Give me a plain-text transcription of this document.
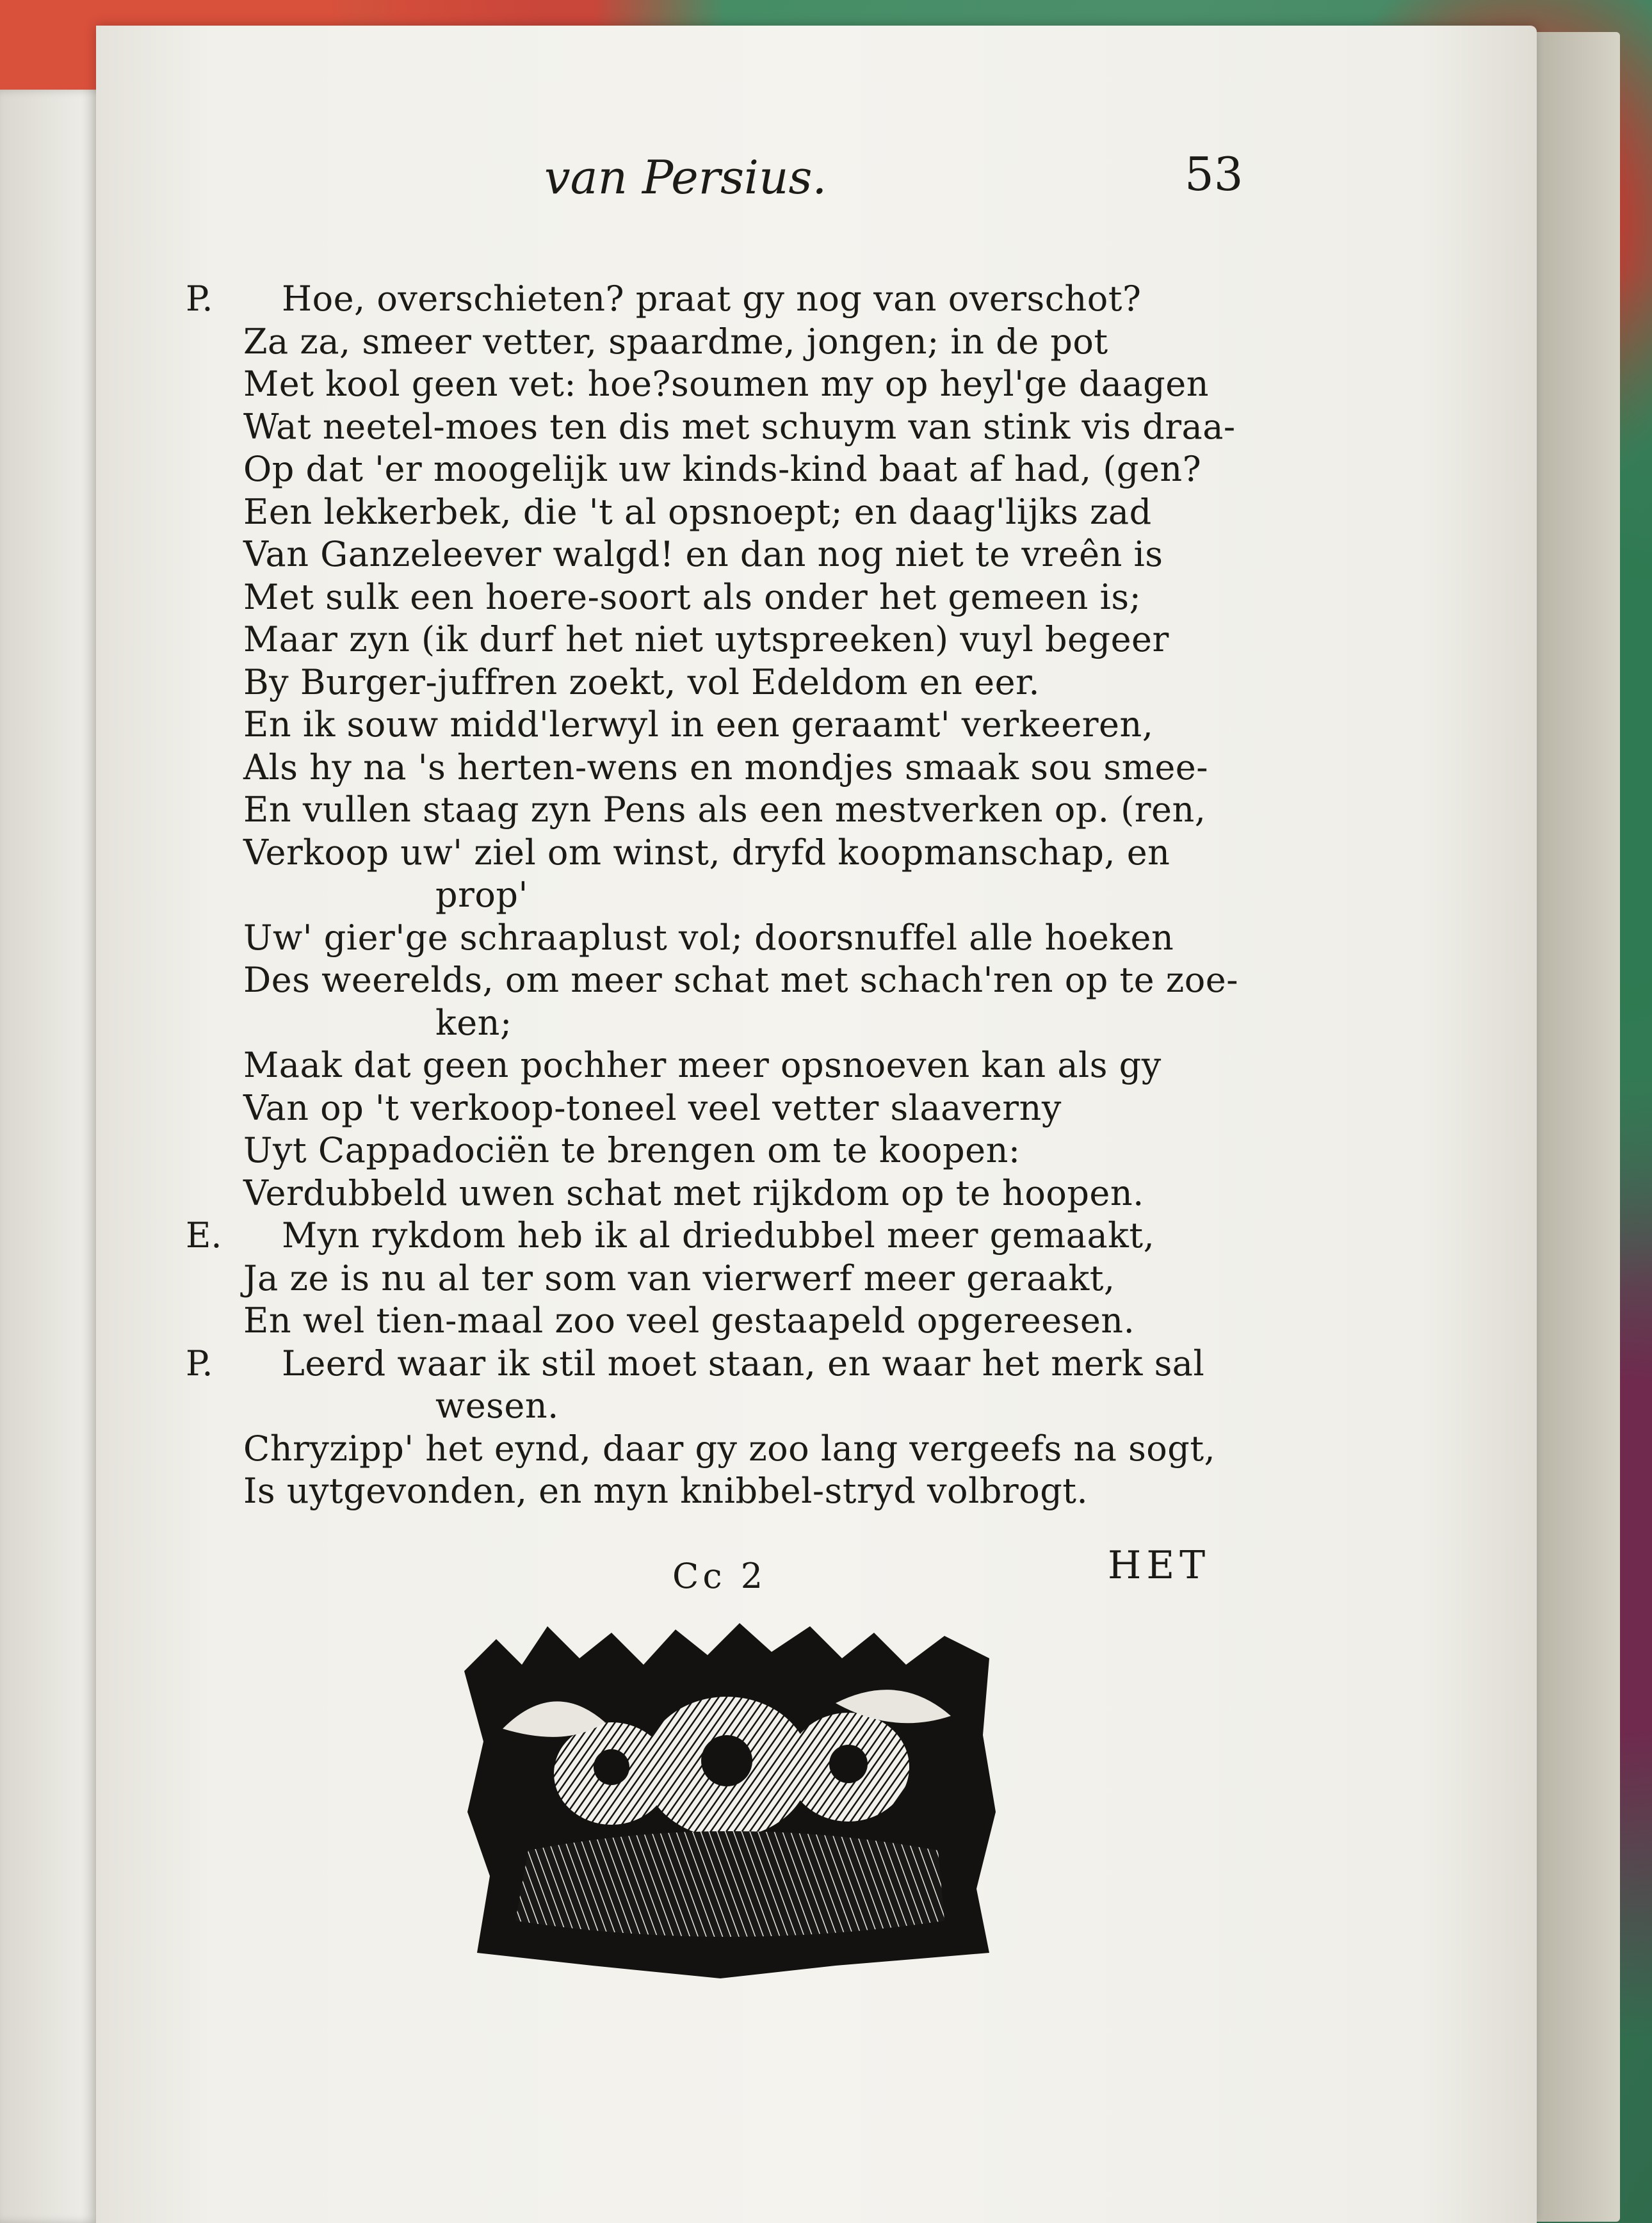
van Persius.	53
P. Hoe, overschieten? praat gy nog van overschot?
Za za, smeer vetter, spaardme, jongen; in de pot
Met kool geen vet: hoe?soumen my op heyl'ge daagen
Wat neetel-moes ten dis met schuym van stink vis draa-
Op dat 'er moogelijk uw kinds-kind baat af had, (gen?
Een lekkerbek, die 't al opsnoept; en daag'lijks zad
Van Ganzeleever walgd! en dan nog niet te vreên is
Met sulk een hoere-soort als onder het gemeen is;
Maar zyn (ik durf het niet uytspreeken) vuyl begeer
By Burger-juffren zoekt, vol Edeldom en eer.
En ik souw midd'lerwyl in een geraamt' verkeeren,
Als hy na 's herten-wens en mondjes smaak sou smee-
En vullen staag zyn Pens als een mestverken op. (ren,
Verkoop uw' ziel om winst, dryfd koopmanschap, en
prop'
Uw' gier'ge schraaplust vol; doorsnuffel alle hoeken
Des weerelds, om meer schat met schach'ren op te zoe-
ken;
Maak dat geen pochher meer opsnoeven kan als gy
Van op 't verkoop-toneel veel vetter slaaverny
Uyt Cappadociën te brengen om te koopen:
Verdubbeld uwen schat met rijkdom op te hoopen.
E. Myn rykdom heb ik al driedubbel meer gemaakt,
Ja ze is nu al ter som van vierwerf meer geraakt,
En wel tien-maal zoo veel gestaapeld opgereesen.
P. Leerd waar ik stil moet staan, en waar het merk sal
wesen.
Chryzipp' het eynd, daar gy zoo lang vergeefs na sogt,
Is uytgevonden, en myn knibbel-stryd volbrogt.
Cc 2	HET
